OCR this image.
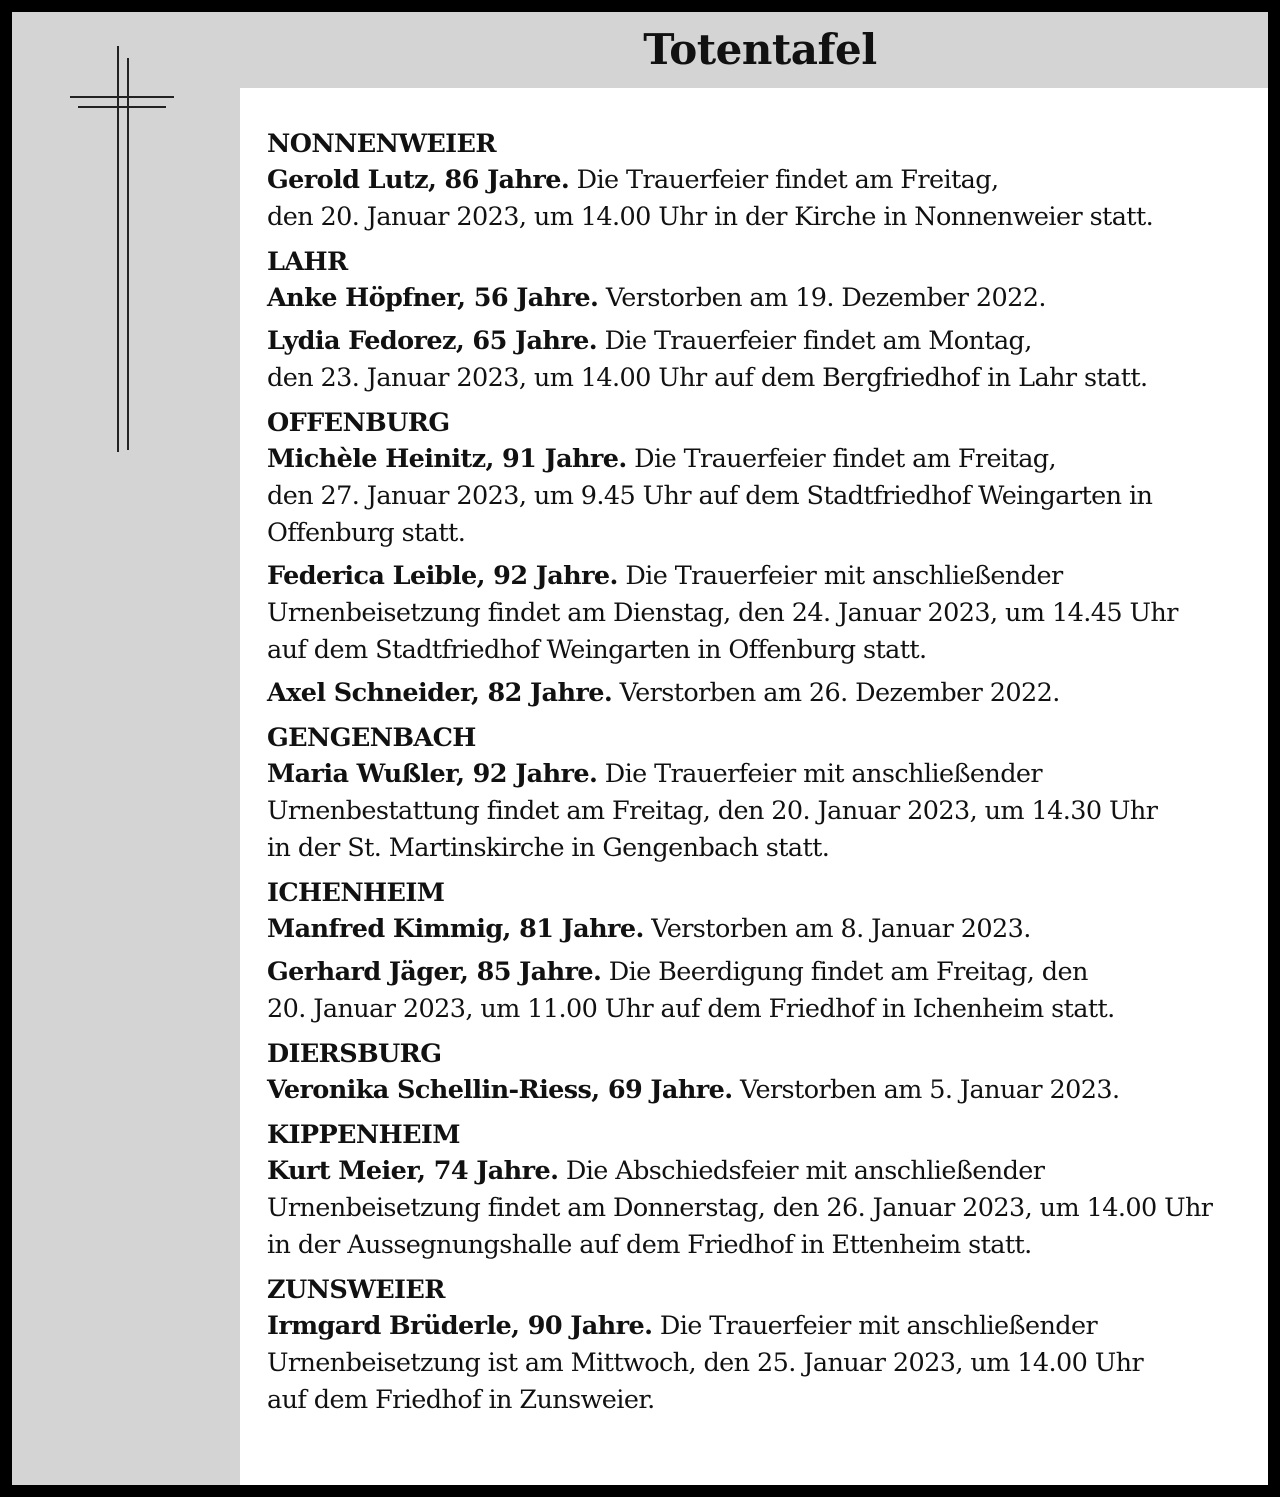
Totentafel
NONNENWEIER
Gerold Lutz, 86 Jahre. Die Trauerfeier findet am Freitag,
den 20. Januar 2023, um 14.00 Uhr in der Kirche in Nonnenweier statt.
LAHR
Anke Höpfner, 56 Jahre. Verstorben am 19. Dezember 2022.
Lydia Fedorez, 65 Jahre. Die Trauerfeier findet am Montag,
den 23. Januar 2023, um 14.00 Uhr auf dem Bergfriedhof in Lahr statt.
OFFENBURG
Michèle Heinitz, 91 Jahre. Die Trauerfeier findet am Freitag,
den 27. Januar 2023, um 9.45 Uhr auf dem Stadtfriedhof Weingarten in
Offenburg statt.
Federica Leible, 92 Jahre. Die Trauerfeier mit anschließender
Urnenbeisetzung findet am Dienstag, den 24. Januar 2023, um 14.45 Uhr
auf dem Stadtfriedhof Weingarten in Offenburg statt.
Axel Schneider, 82 Jahre. Verstorben am 26. Dezember 2022.
GENGENBACH
Maria Wußler, 92 Jahre. Die Trauerfeier mit anschließender
Urnenbestattung findet am Freitag, den 20. Januar 2023, um 14.30 Uhr
in der St. Martinskirche in Gengenbach statt.
ICHENHEIM
Manfred Kimmig, 81 Jahre. Verstorben am 8. Januar 2023.
Gerhard Jäger, 85 Jahre. Die Beerdigung findet am Freitag, den
20. Januar 2023, um 11.00 Uhr auf dem Friedhof in Ichenheim statt.
DIERSBURG
Veronika Schellin-Riess, 69 Jahre. Verstorben am 5. Januar 2023.
KIPPENHEIM
Kurt Meier, 74 Jahre. Die Abschiedsfeier mit anschließender
Urnenbeisetzung findet am Donnerstag, den 26. Januar 2023, um 14.00 Uhr
in der Aussegnungshalle auf dem Friedhof in Ettenheim statt.
ZUNSWEIER
Irmgard Brüderle, 90 Jahre. Die Trauerfeier mit anschließender
Urnenbeisetzung ist am Mittwoch, den 25. Januar 2023, um 14.00 Uhr
auf dem Friedhof in Zunsweier.
